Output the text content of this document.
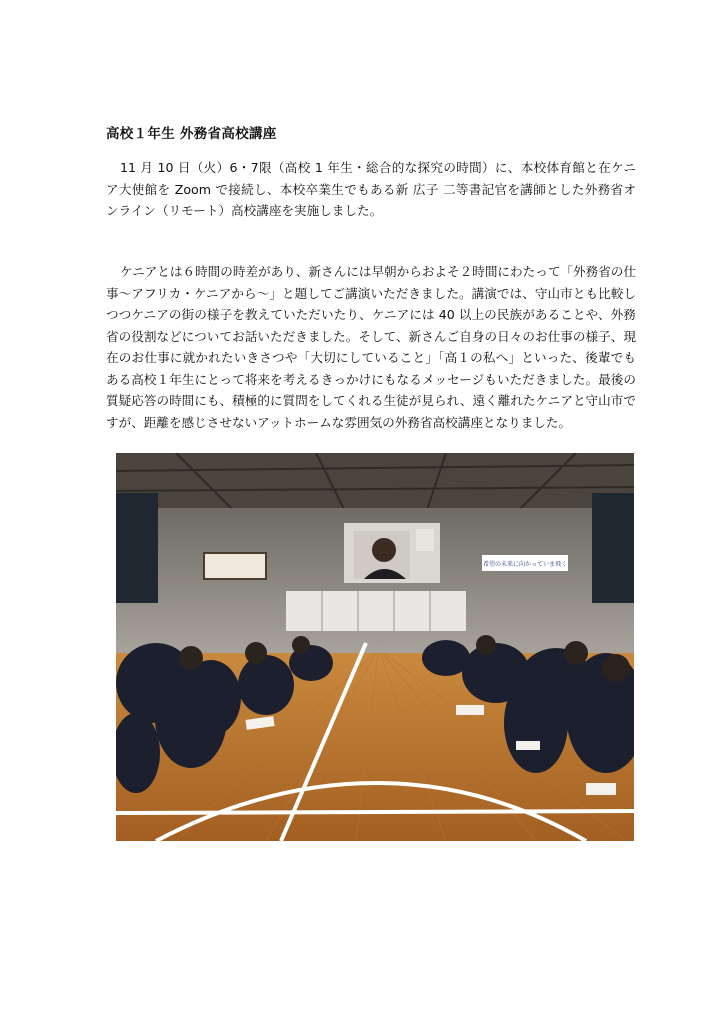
高校１年生 外務省高校講座
11 月 10 日（火）6・7限（高校 1 年生・総合的な探究の時間）に、本校体育館と在ケニア大使館を Zoom で接続し、本校卒業生でもある新 広子 二等書記官を講師とした外務省オンライン（リモート）高校講座を実施しました。
ケニアとは６時間の時差があり、新さんには早朝からおよそ２時間にわたって「外務省の仕事～アフリカ・ケニアから～」と題してご講演いただきました。講演では、守山市とも比較しつつケニアの街の様子を教えていただいたり、ケニアには 40 以上の民族があることや、外務省の役割などについてお話いただきました。そして、新さんご自身の日々のお仕事の様子、現在のお仕事に就かれたいきさつや「大切にしていること」「高１の私へ」といった、後輩でもある高校１年生にとって将来を考えるきっかけにもなるメッセージもいただきました。最後の質疑応答の時間にも、積極的に質問をしてくれる生徒が見られ、遠く離れたケニアと守山市ですが、距離を感じさせないアットホームな雰囲気の外務省高校講座となりました。
希望の未来に向かっていま飛く
